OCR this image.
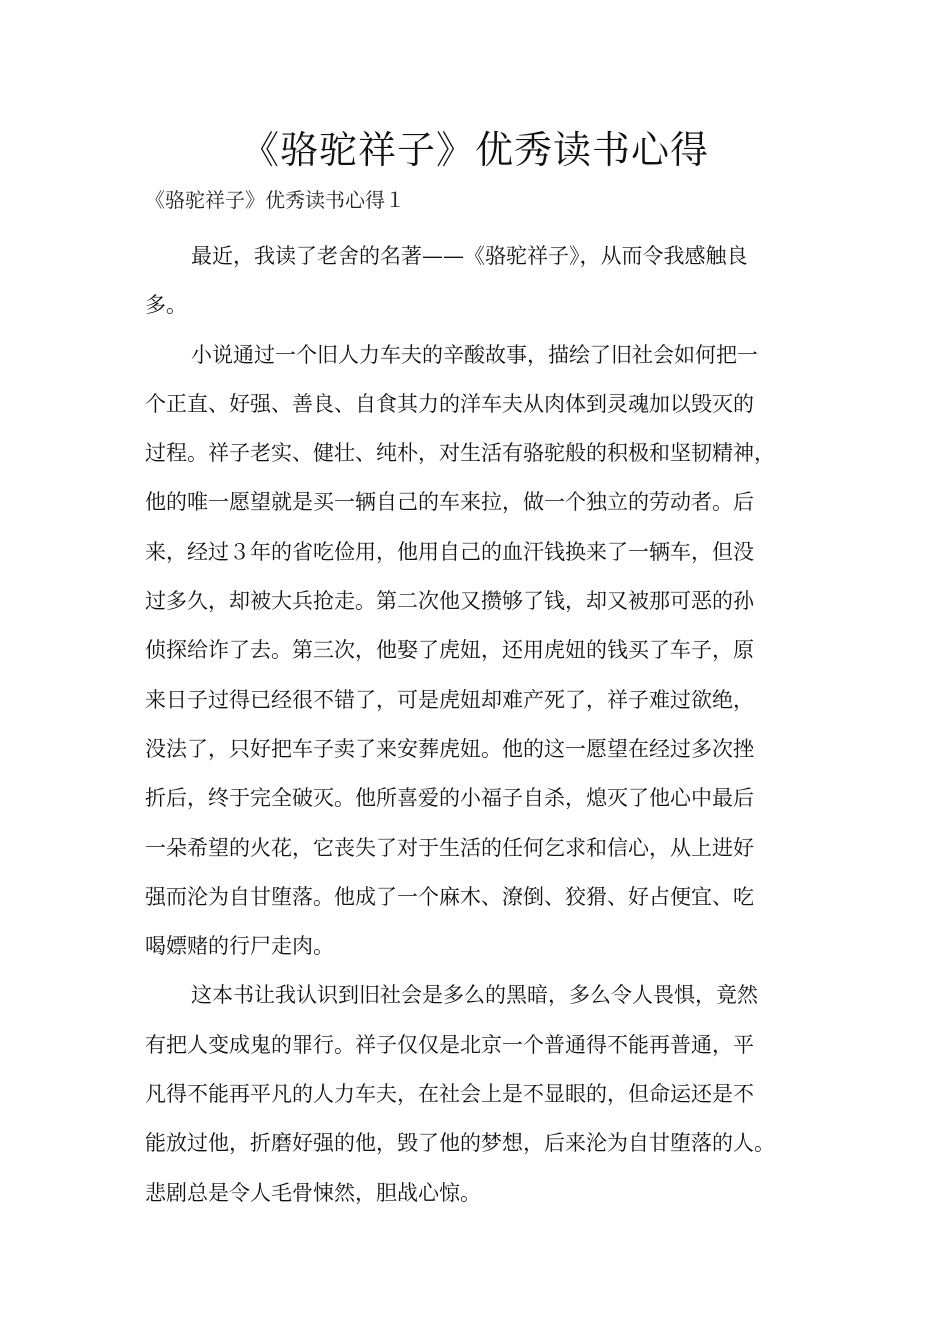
《骆驼祥子》优秀读书心得
《骆驼祥子》优秀读书心得１

最近，我读了老舍的名著——《骆驼祥子》，从而令我感触良
多。

小说通过一个旧人力车夫的辛酸故事，描绘了旧社会如何把一
个正直、好强、善良、自食其力的洋车夫从肉体到灵魂加以毁灭的
过程。祥子老实、健壮、纯朴，对生活有骆驼般的积极和坚韧精神，
他的唯一愿望就是买一辆自己的车来拉，做一个独立的劳动者。后
来，经过３年的省吃俭用，他用自己的血汗钱换来了一辆车，但没
过多久，却被大兵抢走。第二次他又攒够了钱，却又被那可恶的孙
侦探给诈了去。第三次，他娶了虎妞，还用虎妞的钱买了车子，原
来日子过得已经很不错了，可是虎妞却难产死了，祥子难过欲绝，
没法了，只好把车子卖了来安葬虎妞。他的这一愿望在经过多次挫
折后，终于完全破灭。他所喜爱的小福子自杀，熄灭了他心中最后
一朵希望的火花，它丧失了对于生活的任何乞求和信心，从上进好
强而沦为自甘堕落。他成了一个麻木、潦倒、狡猾、好占便宜、吃
喝嫖赌的行尸走肉。

这本书让我认识到旧社会是多么的黑暗，多么令人畏惧，竟然
有把人变成鬼的罪行。祥子仅仅是北京一个普通得不能再普通，平
凡得不能再平凡的人力车夫，在社会上是不显眼的，但命运还是不
能放过他，折磨好强的他，毁了他的梦想，后来沦为自甘堕落的人。
悲剧总是令人毛骨悚然，胆战心惊。
